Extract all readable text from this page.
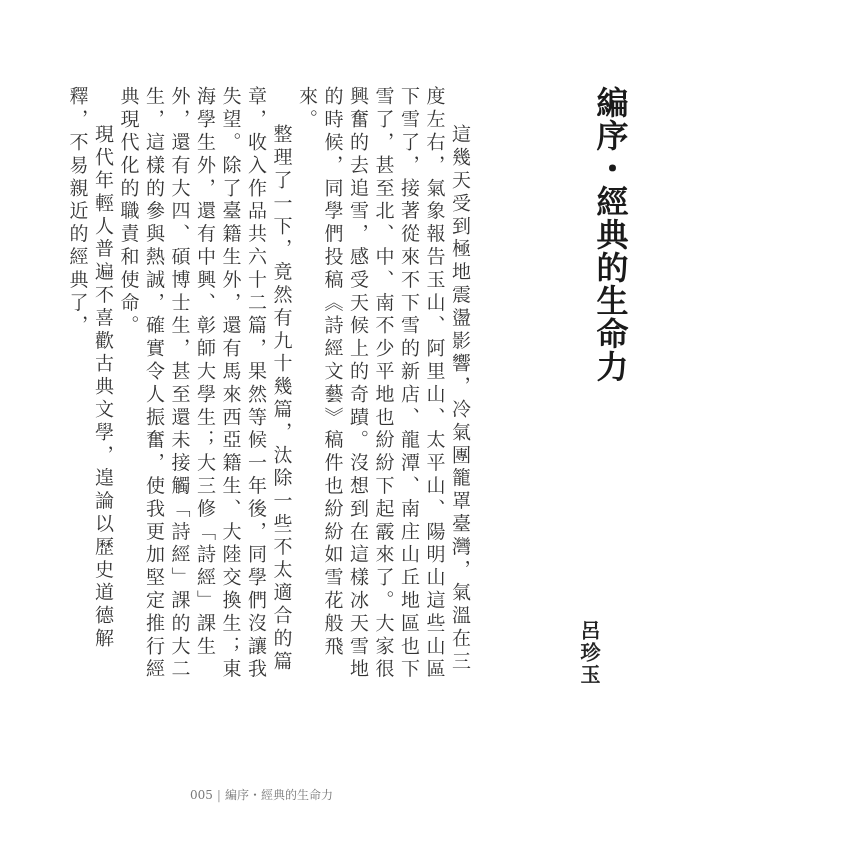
編序・經典的生命力

這幾天受到極地震盪影響，冷氣團籠罩臺灣，氣溫在三度左右，氣象報告玉山、阿里山、太平山、陽明山這些山區下雪了，接著從來不下雪的新店、龍潭、南庄山丘地區也下雪了，甚至北、中、南不少平地也紛紛下起霰來了。大家很興奮的去追雪，感受天候上的奇蹟。沒想到在這樣冰天雪地的時候，同學們投稿《詩經文藝》稿件也紛紛如雪花般飛來。

整理了一下，竟然有九十幾篇，汰除一些不太適合的篇章，收入作品共六十二篇，果然等候一年後，同學們沒讓我失望。除了臺籍生外，還有馬來西亞籍生、大陸交換生；東海學生外，還有中興、彰師大學生；大三修「詩經」課生外，還有大四、碩博士生，甚至還未接觸「詩經」課的大二生，這樣的參與熱誠，確實令人振奮，使我更加堅定推行經典現代化的職責和使命。

現代年輕人普遍不喜歡古典文學，遑論以歷史道德解釋，不易親近的經典了，

呂珍玉
005 | 編序・經典的生命力
